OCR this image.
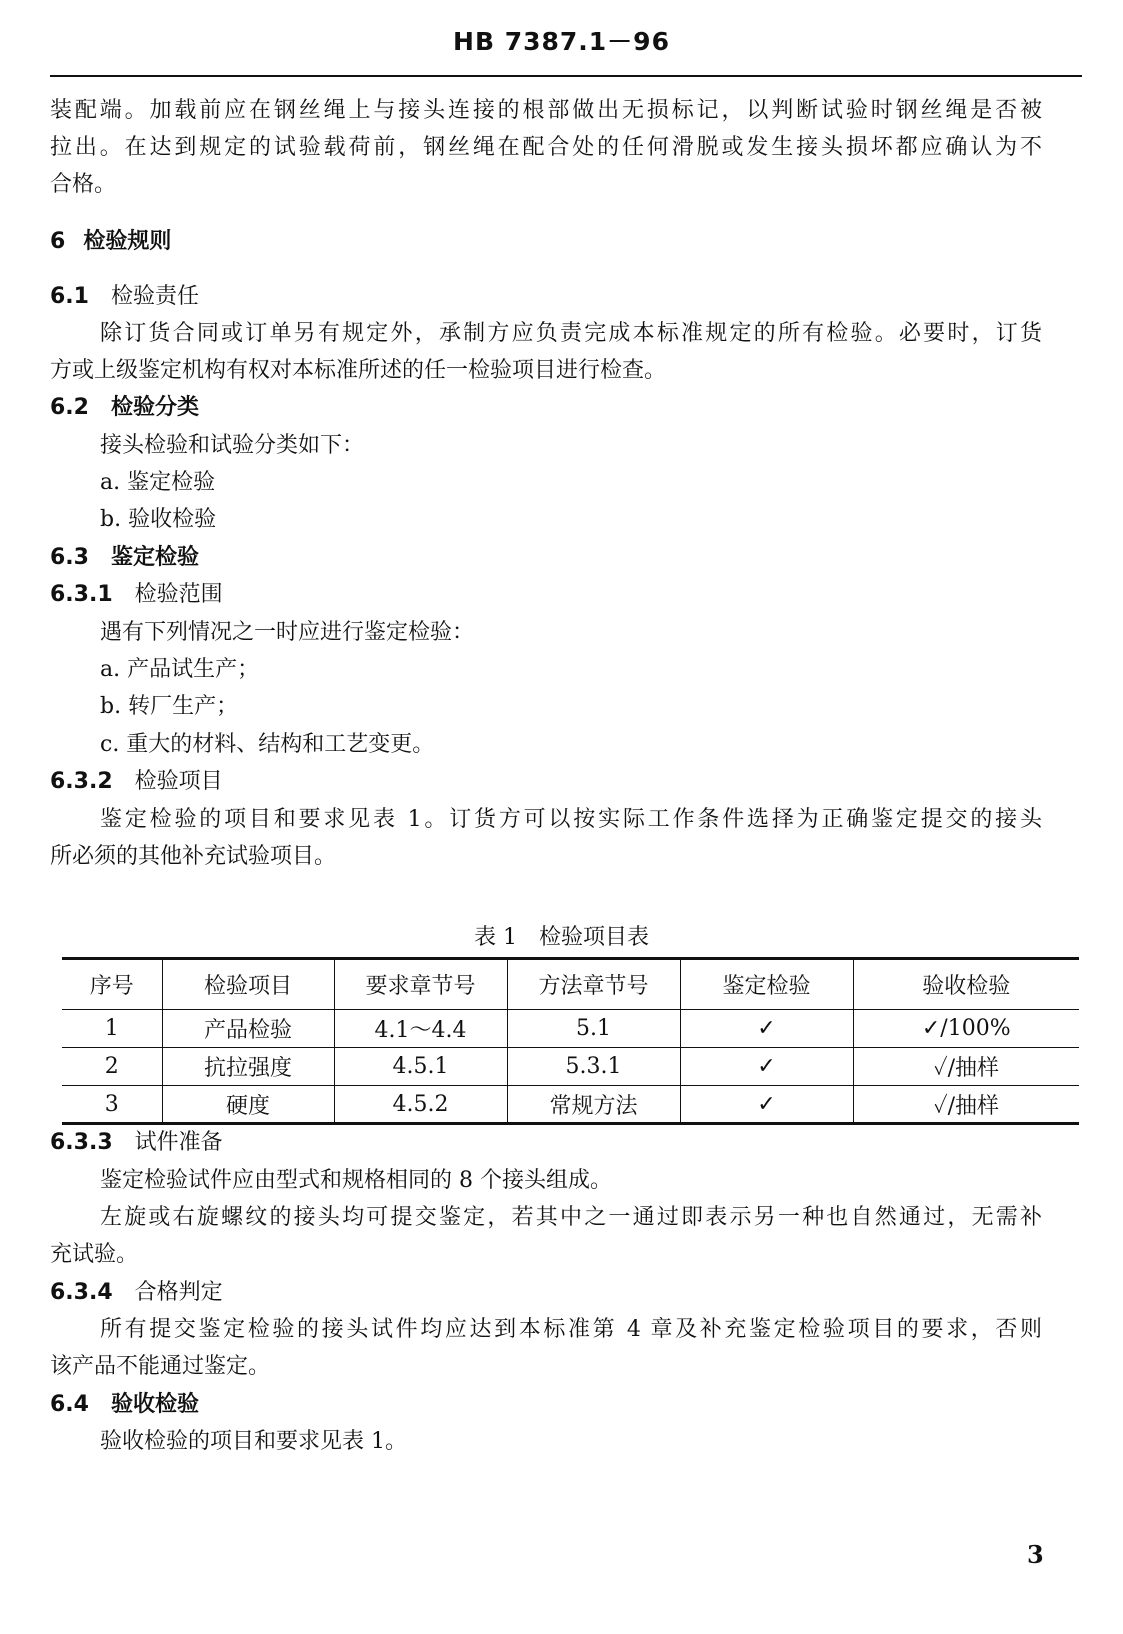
HB 7387.1－96
装配端。加载前应在钢丝绳上与接头连接的根部做出无损标记，以判断试验时钢丝绳是否被
拉出。在达到规定的试验载荷前，钢丝绳在配合处的任何滑脱或发生接头损坏都应确认为不
合格。
6 检验规则
6.1 检验责任
除订货合同或订单另有规定外，承制方应负责完成本标准规定的所有检验。必要时，订货
方或上级鉴定机构有权对本标准所述的任一检验项目进行检查。
6.2 检验分类
接头检验和试验分类如下：
a. 鉴定检验
b. 验收检验
6.3 鉴定检验
6.3.1 检验范围
遇有下列情况之一时应进行鉴定检验：
a. 产品试生产；
b. 转厂生产；
c. 重大的材料、结构和工艺变更。
6.3.2 检验项目
鉴定检验的项目和要求见表 1。订货方可以按实际工作条件选择为正确鉴定提交的接头
所必须的其他补充试验项目。
表 1　检验项目表
序号	检验项目	要求章节号	方法章节号	鉴定检验	验收检验
1	产品检验	4.1～4.4	5.1	✓	✓/100%
2	抗拉强度	4.5.1	5.3.1	✓	✓/抽样
3	硬度	4.5.2	常规方法	✓	✓/抽样
6.3.3 试件准备
鉴定检验试件应由型式和规格相同的 8 个接头组成。
左旋或右旋螺纹的接头均可提交鉴定，若其中之一通过即表示另一种也自然通过，无需补
充试验。
6.3.4 合格判定
所有提交鉴定检验的接头试件均应达到本标准第 4 章及补充鉴定检验项目的要求，否则
该产品不能通过鉴定。
6.4 验收检验
验收检验的项目和要求见表 1。
3
